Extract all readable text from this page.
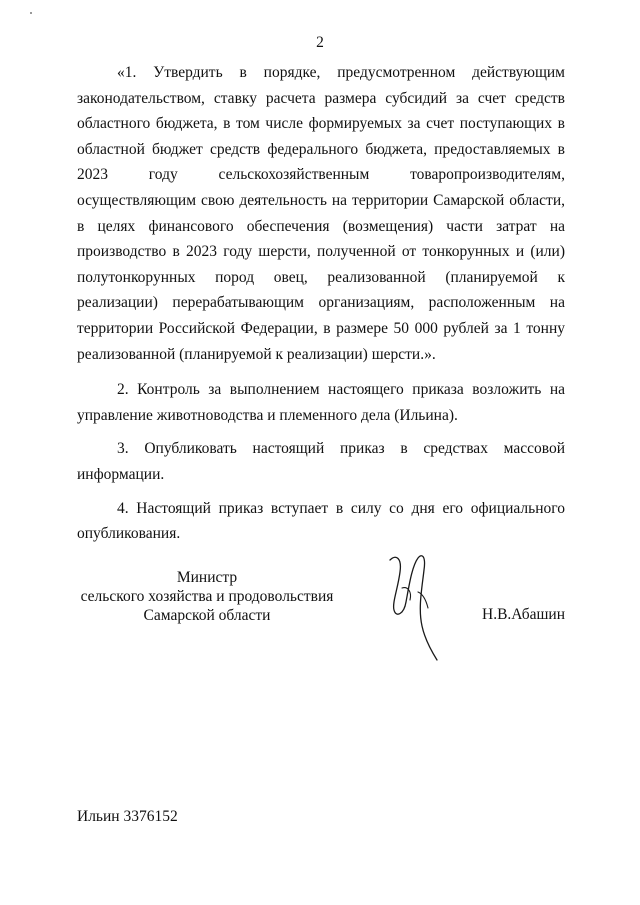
2

«1. Утвердить в порядке, предусмотренном действующим законодательством, ставку расчета размера субсидий за счет средств областного бюджета, в том числе формируемых за счет поступающих в областной бюджет средств федерального бюджета, предоставляемых в 2023 году сельскохозяйственным товаропроизводителям, осуществляющим свою деятельность на территории Самарской области, в целях финансового обеспечения (возмещения) части затрат на производство в 2023 году шерсти, полученной от тонкорунных и (или) полутонкорунных пород овец, реализованной (планируемой к реализации) перерабатывающим организациям, расположенным на территории Российской Федерации, в размере 50 000 рублей за 1 тонну реализованной (планируемой к реализации) шерсти.».

2. Контроль за выполнением настоящего приказа возложить на управление животноводства и племенного дела (Ильина).

3. Опубликовать настоящий приказ в средствах массовой информации.

4. Настоящий приказ вступает в силу со дня его официального опубликования.

Министр
сельского хозяйства и продовольствия
Самарской области	Н.В.Абашин
Ильин 3376152
